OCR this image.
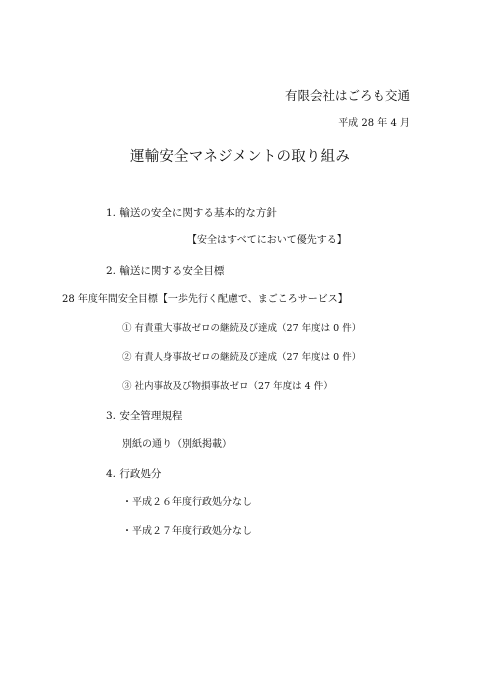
有限会社はごろも交通
平成 28 年 4 月
運輸安全マネジメントの取り組み
1. 輸送の安全に関する基本的な方針
【安全はすべてにおいて優先する】
2. 輸送に関する安全目標
28 年度年間安全目標【一歩先行く配慮で、まごころサービス】
① 有責重大事故ゼロの継続及び達成（27 年度は 0 件）
② 有責人身事故ゼロの継続及び達成（27 年度は 0 件）
③ 社内事故及び物損事故ゼロ（27 年度は 4 件）
3. 安全管理規程
別紙の通り（別紙掲載）
4. 行政処分
・平成２６年度行政処分なし
・平成２７年度行政処分なし
